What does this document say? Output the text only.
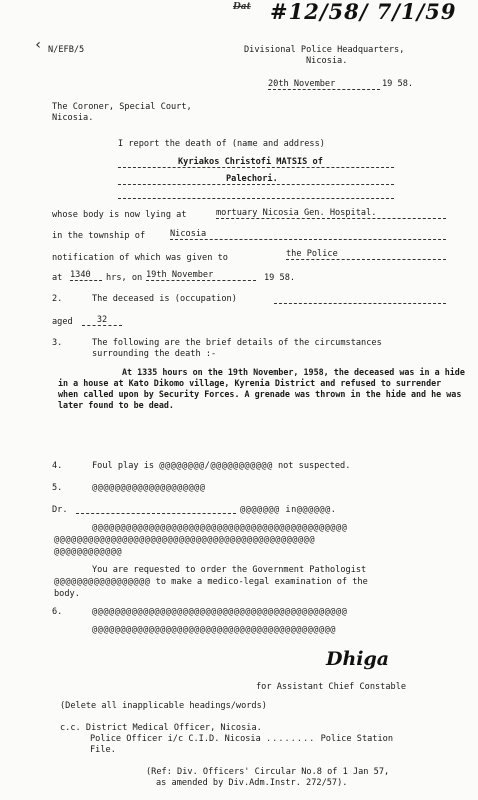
Dat #12/58/ 7/1/59
‹ N/EFB/5	Divisional Police Headquarters,
Nicosia.
20th November	19 58.
The Coroner, Special Court,
Nicosia.
I report the death of (name and address)
Kyriakos Christofi MATSIS of
Palechori.
whose body is now lying at	mortuary Nicosia Gen. Hospital.
in the township of	Nicosia
notification of which was given to	the Police
at 1340	hrs, on 19th November	19 58.
2.	The deceased is (occupation)
aged	32
3.	The following are the brief details of the circumstances
surrounding the death :-
At 1335 hours on the 19th November, 1958, the deceased was in a hide in a house at Kato Dikomo village, Kyrenia District and refused to surrender when called upon by Security Forces. A grenade was thrown in the hide and he was later found to be dead.
4.	Foul play is @@@@@@@@/@@@@@@@@@@@ not suspected.
5.	@@@@@@@@@@@@@@@@@@@@
Dr.	@@@@@@@ in@@@@@@.
@@@@@@@@@@@@@@@@@@@@@@@@@@@@@@@@@@@@@@@@@@@@@
@@@@@@@@@@@@@@@@@@@@@@@@@@@@@@@@@@@@@@@@@@@@@@
@@@@@@@@@@@@
You are requested to order the Government Pathologist
@@@@@@@@@@@@@@@@@ to make a medico-legal examination of the
body.
6.	@@@@@@@@@@@@@@@@@@@@@@@@@@@@@@@@@@@@@@@@@@@@@
@@@@@@@@@@@@@@@@@@@@@@@@@@@@@@@@@@@@@@@@@@@
Dhiga
for Assistant Chief Constable
(Delete all inapplicable headings/words)
c.c. District Medical Officer, Nicosia.
Police Officer i/c C.I.D. Nicosia ........ Police Station
File.
(Ref: Div. Officers' Circular No.8 of 1 Jan 57,
as amended by Div.Adm.Instr. 272/57).
